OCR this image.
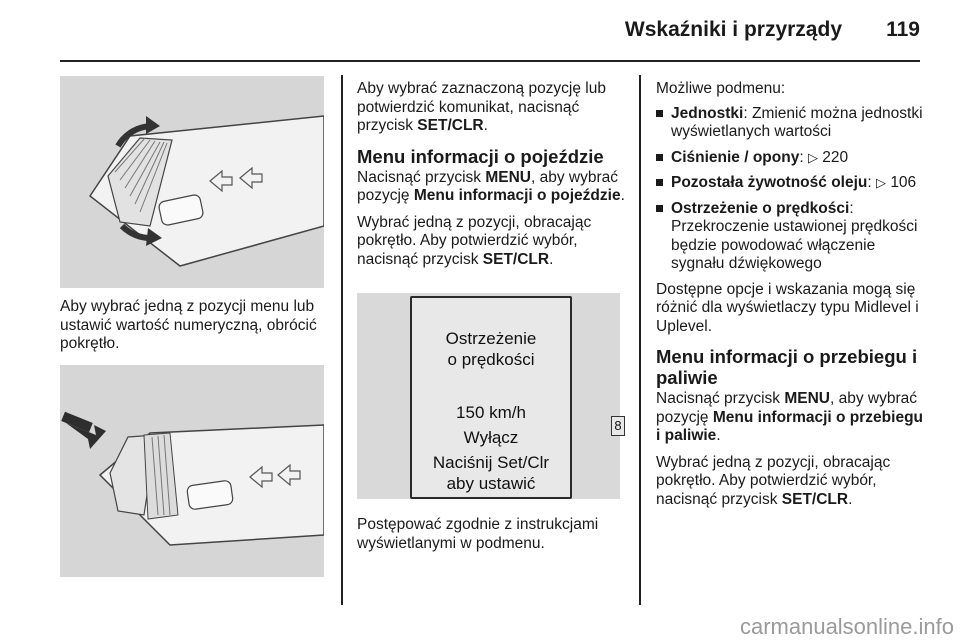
Wskaźniki i przyrządy 119

Aby wybrać jedną z pozycji menu lub ustawić wartość numeryczną, obrócić pokrętło.

Aby wybrać zaznaczoną pozycję lub potwierdzić komunikat, nacisnąć przycisk SET/CLR.

Menu informacji o pojeździe

Nacisnąć przycisk MENU, aby wybrać pozycję Menu informacji o pojeździe.

Wybrać jedną z pozycji, obracając pokrętło. Aby potwierdzić wybór, nacisnąć przycisk SET/CLR.

Ostrzeżenie
o prędkości
150 km/h
Wyłącz
Naciśnij Set/Clr
aby ustawić
8

Postępować zgodnie z instrukcjami wyświetlanymi w podmenu.

Możliwe podmenu:

Jednostki: Zmienić można jednostki wyświetlanych wartości
Ciśnienie / opony: ▷ 220
Pozostała żywotność oleju: ▷ 106
Ostrzeżenie o prędkości: Przekroczenie ustawionej prędkości będzie powodować włączenie sygnału dźwiękowego

Dostępne opcje i wskazania mogą się różnić dla wyświetlaczy typu Midlevel i Uplevel.

Menu informacji o przebiegu i paliwie

Nacisnąć przycisk MENU, aby wybrać pozycję Menu informacji o przebiegu i paliwie.

Wybrać jedną z pozycji, obracając pokrętło. Aby potwierdzić wybór, nacisnąć przycisk SET/CLR.

carmanualsonline.info
